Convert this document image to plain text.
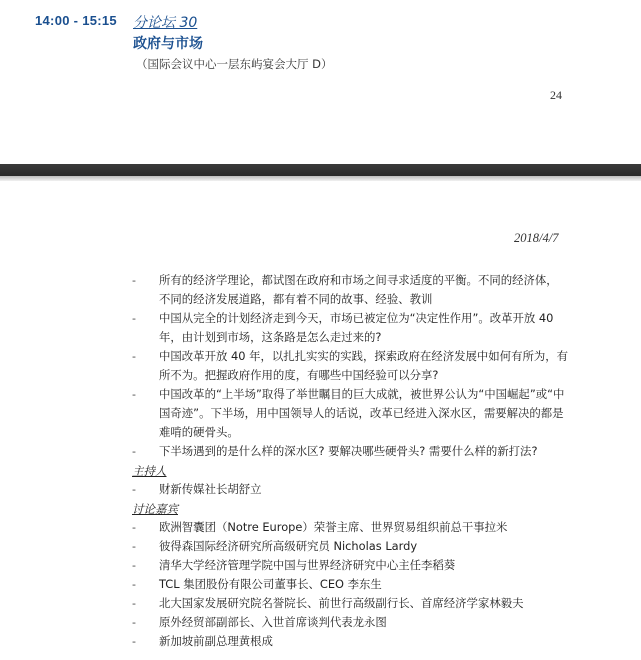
14:00 - 15:15 分论坛 30
政府与市场
（国际会议中心一层东屿宴会大厅 D）
24
2018/4/7
- 所有的经济学理论，都试图在政府和市场之间寻求适度的平衡。不同的经济体，不同的经济发展道路，都有着不同的故事、经验、教训
- 中国从完全的计划经济走到今天，市场已被定位为“决定性作用”。改革开放 40 年，由计划到市场，这条路是怎么走过来的?
- 中国改革开放 40 年，以扎扎实实的实践，探索政府在经济发展中如何有所为，有所不为。把握政府作用的度，有哪些中国经验可以分享?
- 中国改革的“上半场”取得了举世瞩目的巨大成就，被世界公认为“中国崛起”或“中国奇迹”。下半场，用中国领导人的话说，改革已经进入深水区，需要解决的都是难啃的硬骨头。
- 下半场遇到的是什么样的深水区? 要解决哪些硬骨头? 需要什么样的新打法?
主持人
- 财新传媒社长胡舒立
讨论嘉宾
- 欧洲智囊团（Notre Europe）荣誉主席、世界贸易组织前总干事拉米
- 彼得森国际经济研究所高级研究员 Nicholas Lardy
- 清华大学经济管理学院中国与世界经济研究中心主任李稻葵
- TCL 集团股份有限公司董事长、CEO 李东生
- 北大国家发展研究院名誉院长、前世行高级副行长、首席经济学家林毅夫
- 原外经贸部副部长、入世首席谈判代表龙永图
- 新加坡前副总理黄根成
